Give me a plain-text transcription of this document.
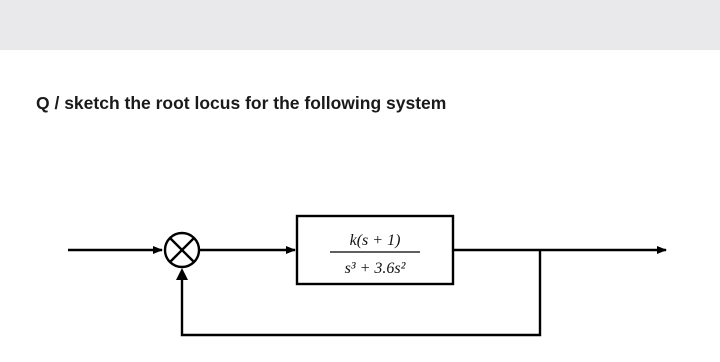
Q / sketch the root locus for the following system
k(s + 1)
s³ + 3.6s²
